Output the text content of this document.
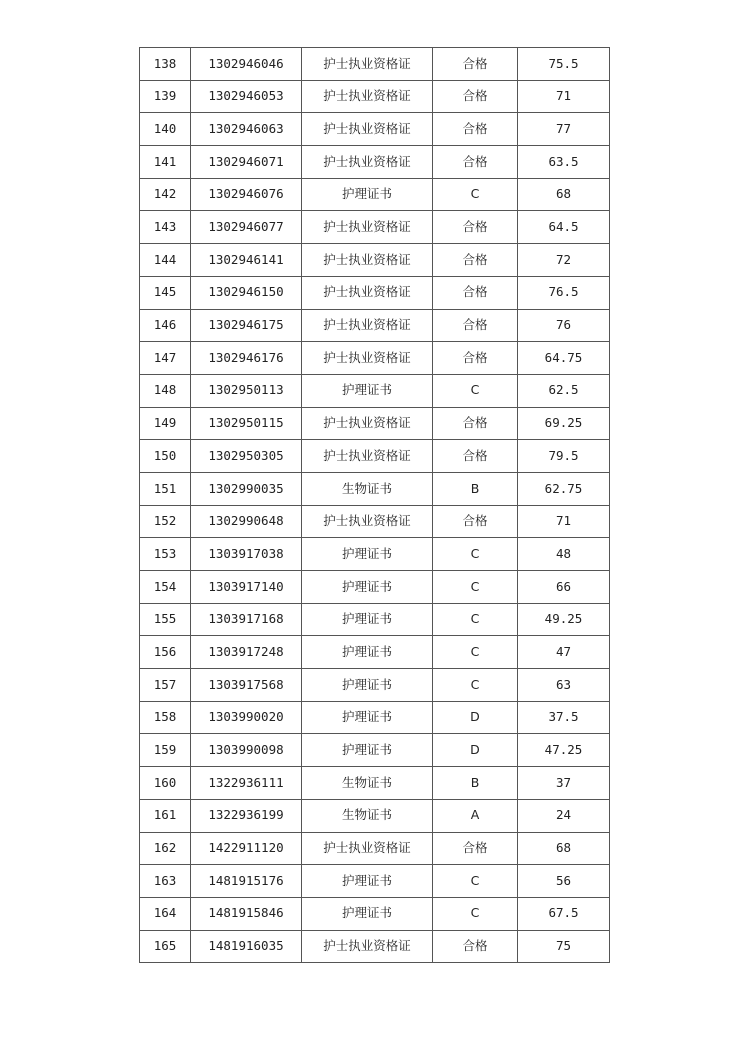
138	1302946046	护士执业资格证	合格	75.5
139	1302946053	护士执业资格证	合格	71
140	1302946063	护士执业资格证	合格	77
141	1302946071	护士执业资格证	合格	63.5
142	1302946076	护理证书	C	68
143	1302946077	护士执业资格证	合格	64.5
144	1302946141	护士执业资格证	合格	72
145	1302946150	护士执业资格证	合格	76.5
146	1302946175	护士执业资格证	合格	76
147	1302946176	护士执业资格证	合格	64.75
148	1302950113	护理证书	C	62.5
149	1302950115	护士执业资格证	合格	69.25
150	1302950305	护士执业资格证	合格	79.5
151	1302990035	生物证书	B	62.75
152	1302990648	护士执业资格证	合格	71
153	1303917038	护理证书	C	48
154	1303917140	护理证书	C	66
155	1303917168	护理证书	C	49.25
156	1303917248	护理证书	C	47
157	1303917568	护理证书	C	63
158	1303990020	护理证书	D	37.5
159	1303990098	护理证书	D	47.25
160	1322936111	生物证书	B	37
161	1322936199	生物证书	A	24
162	1422911120	护士执业资格证	合格	68
163	1481915176	护理证书	C	56
164	1481915846	护理证书	C	67.5
165	1481916035	护士执业资格证	合格	75
